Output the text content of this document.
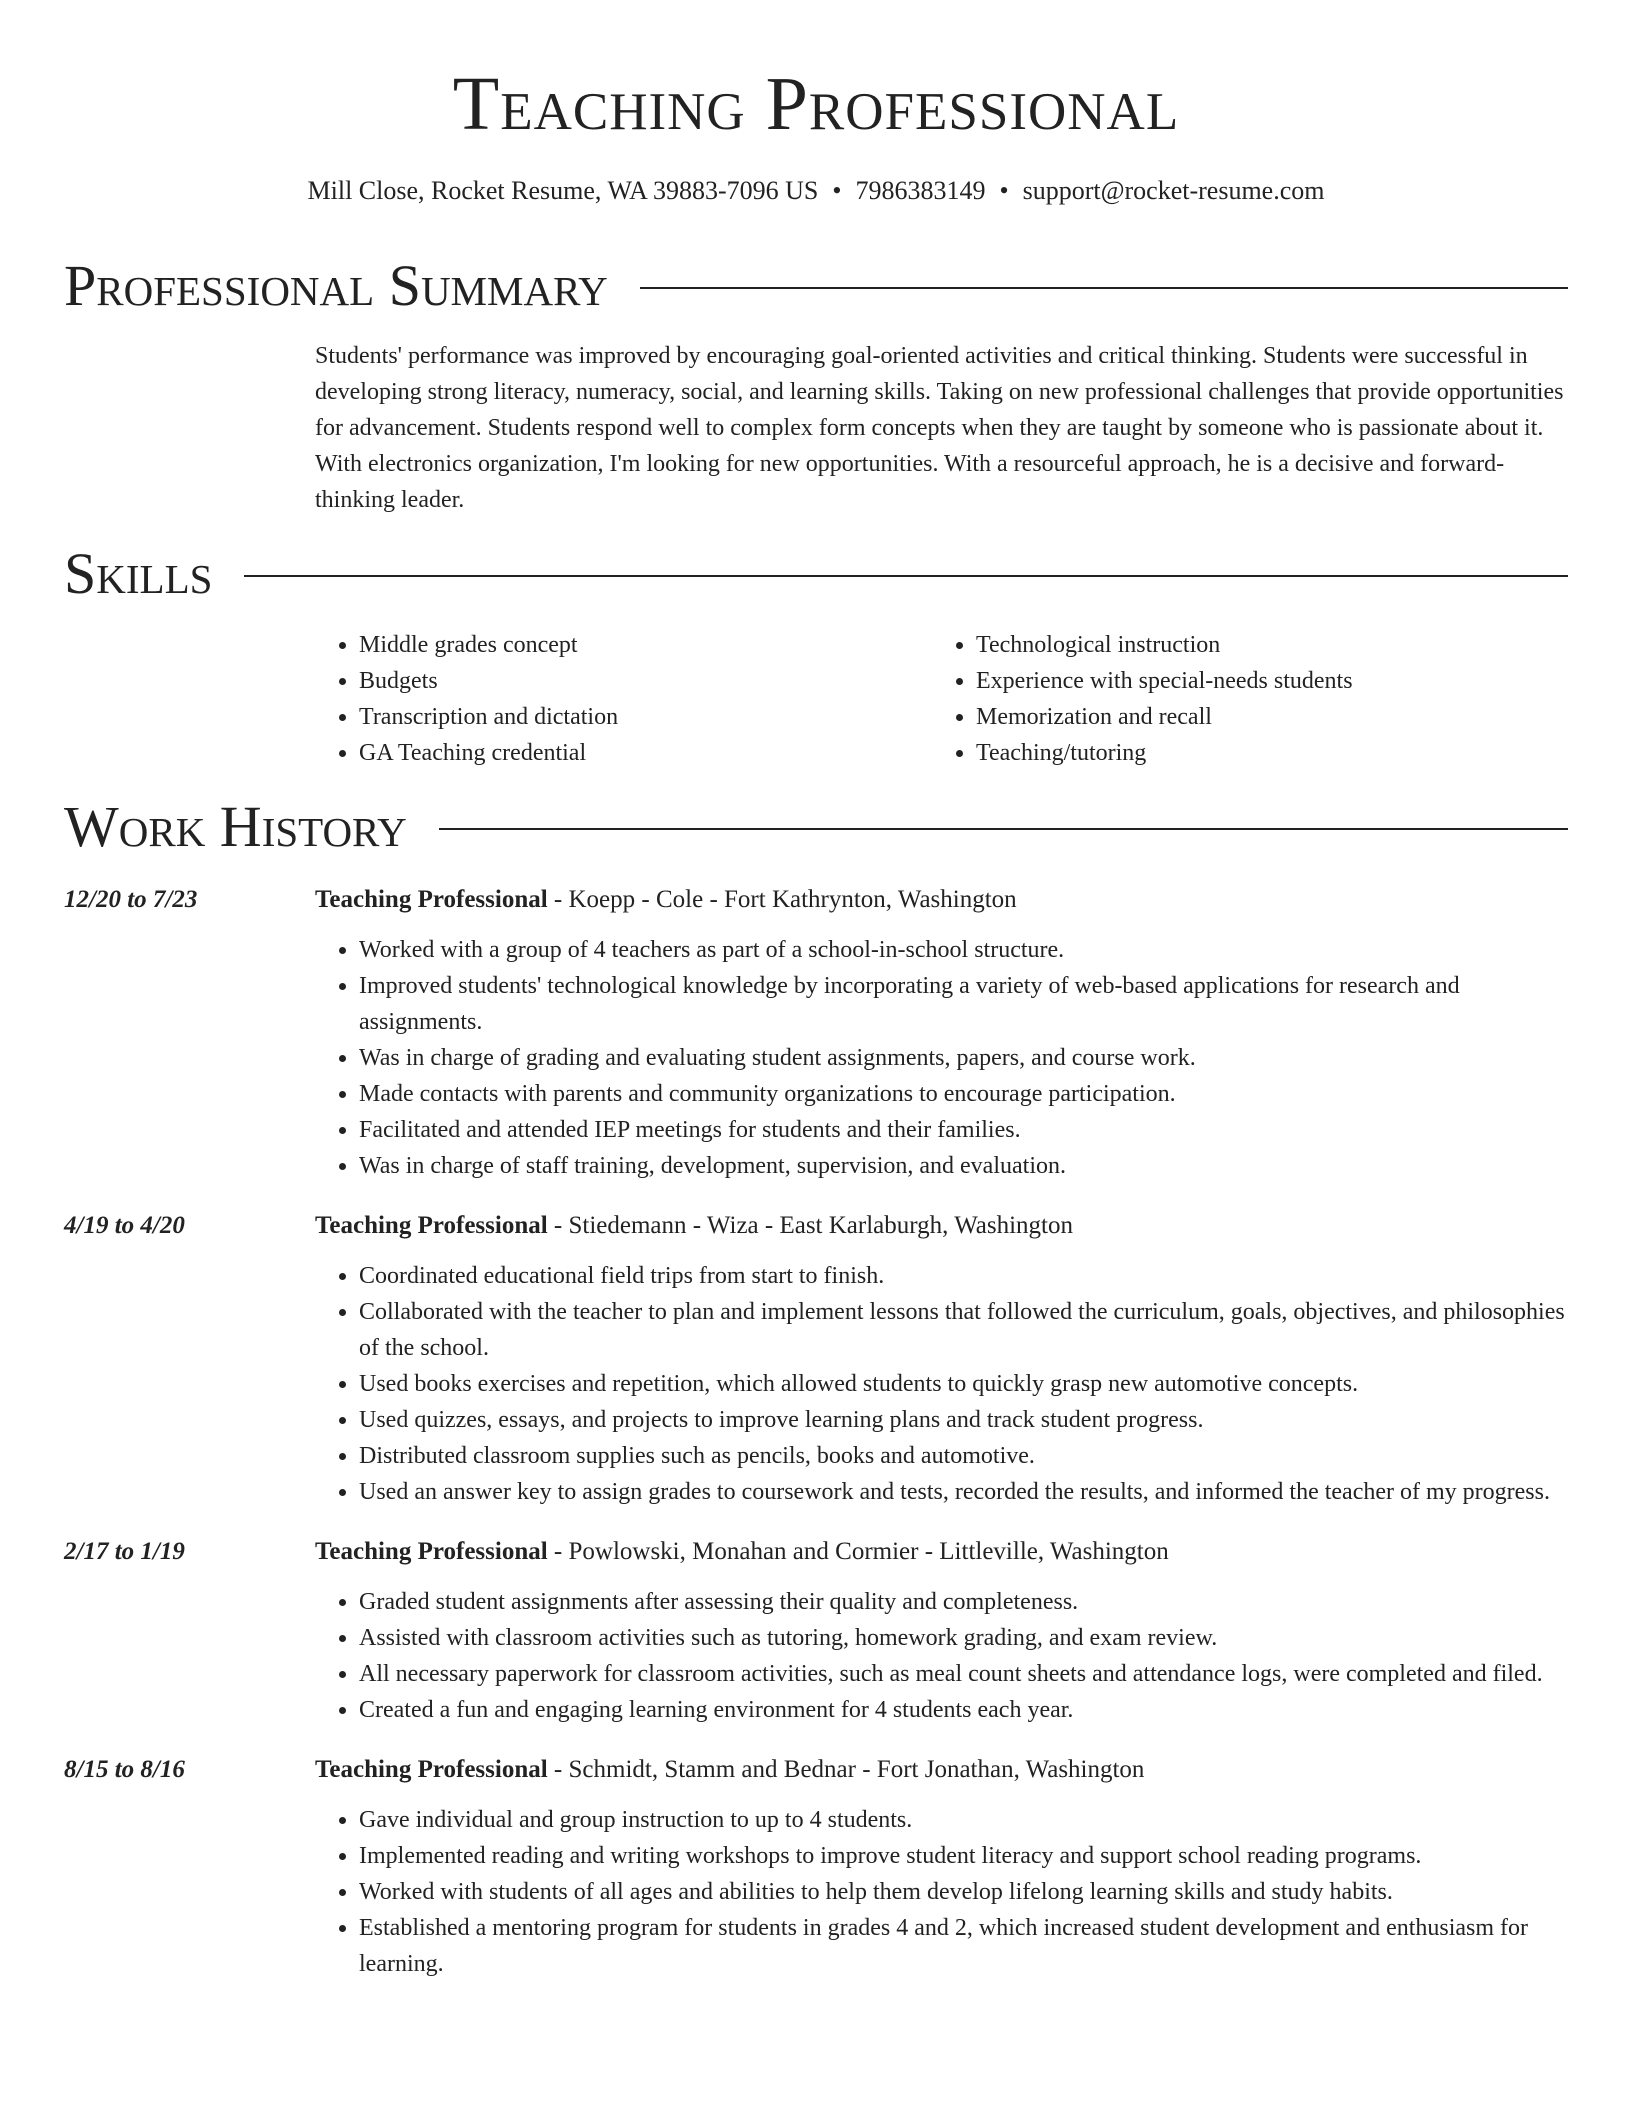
Teaching Professional
Mill Close, Rocket Resume, WA 39883-7096 US • 7986383149 • support@rocket-resume.com
Professional Summary
Students' performance was improved by encouraging goal-oriented activities and critical thinking. Students were successful in developing strong literacy, numeracy, social, and learning skills. Taking on new professional challenges that provide opportunities for advancement. Students respond well to complex form concepts when they are taught by someone who is passionate about it. With electronics organization, I'm looking for new opportunities. With a resourceful approach, he is a decisive and forward-thinking leader.
Skills
• Middle grades concept
• Budgets
• Transcription and dictation
• GA Teaching credential
• Technological instruction
• Experience with special-needs students
• Memorization and recall
• Teaching/tutoring
Work History
12/20 to 7/23	Teaching Professional - Koepp - Cole - Fort Kathrynton, Washington
• Worked with a group of 4 teachers as part of a school-in-school structure.
• Improved students' technological knowledge by incorporating a variety of web-based applications for research and assignments.
• Was in charge of grading and evaluating student assignments, papers, and course work.
• Made contacts with parents and community organizations to encourage participation.
• Facilitated and attended IEP meetings for students and their families.
• Was in charge of staff training, development, supervision, and evaluation.
4/19 to 4/20	Teaching Professional - Stiedemann - Wiza - East Karlaburgh, Washington
• Coordinated educational field trips from start to finish.
• Collaborated with the teacher to plan and implement lessons that followed the curriculum, goals, objectives, and philosophies of the school.
• Used books exercises and repetition, which allowed students to quickly grasp new automotive concepts.
• Used quizzes, essays, and projects to improve learning plans and track student progress.
• Distributed classroom supplies such as pencils, books and automotive.
• Used an answer key to assign grades to coursework and tests, recorded the results, and informed the teacher of my progress.
2/17 to 1/19	Teaching Professional - Powlowski, Monahan and Cormier - Littleville, Washington
• Graded student assignments after assessing their quality and completeness.
• Assisted with classroom activities such as tutoring, homework grading, and exam review.
• All necessary paperwork for classroom activities, such as meal count sheets and attendance logs, were completed and filed.
• Created a fun and engaging learning environment for 4 students each year.
8/15 to 8/16	Teaching Professional - Schmidt, Stamm and Bednar - Fort Jonathan, Washington
• Gave individual and group instruction to up to 4 students.
• Implemented reading and writing workshops to improve student literacy and support school reading programs.
• Worked with students of all ages and abilities to help them develop lifelong learning skills and study habits.
• Established a mentoring program for students in grades 4 and 2, which increased student development and enthusiasm for learning.
